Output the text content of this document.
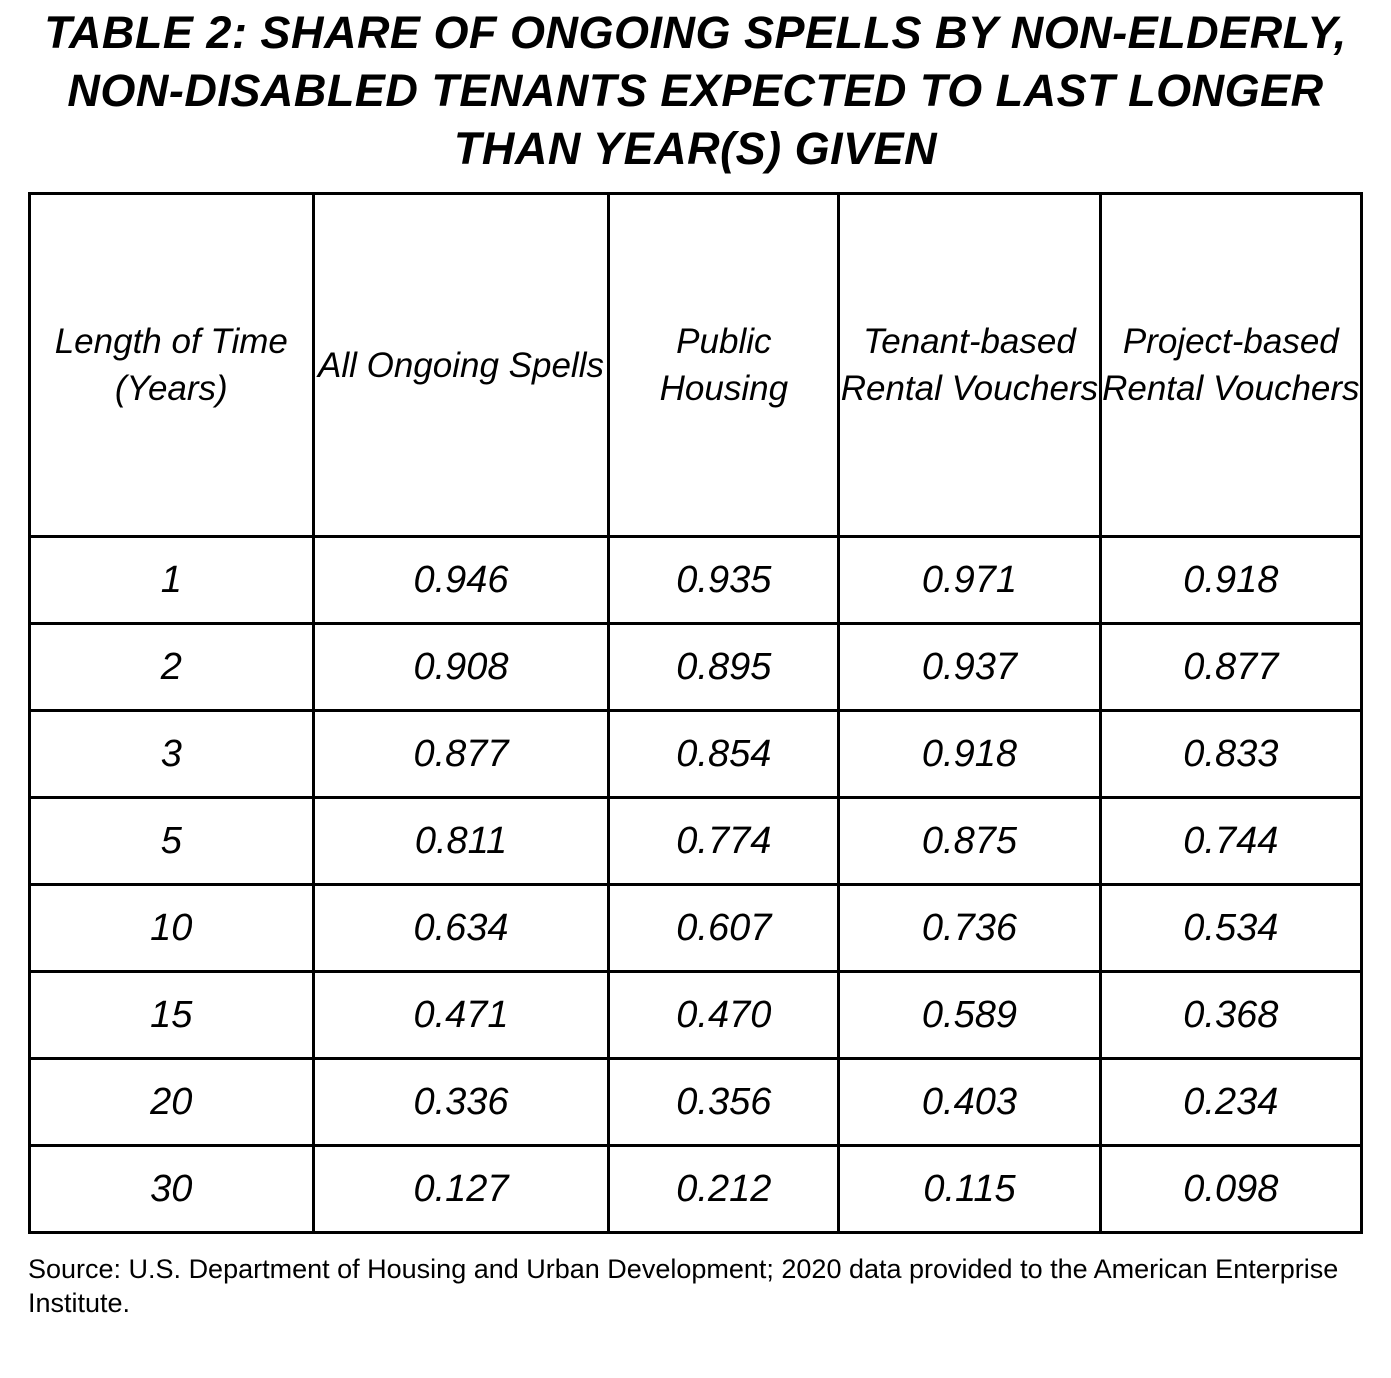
TABLE 2: SHARE OF ONGOING SPELLS BY NON-ELDERLY, NON-DISABLED TENANTS EXPECTED TO LAST LONGER THAN YEAR(S) GIVEN
Length of Time (Years)	All Ongoing Spells	Public Housing	Tenant-based Rental Vouchers	Project-based Rental Vouchers
1	0.946	0.935	0.971	0.918
2	0.908	0.895	0.937	0.877
3	0.877	0.854	0.918	0.833
5	0.811	0.774	0.875	0.744
10	0.634	0.607	0.736	0.534
15	0.471	0.470	0.589	0.368
20	0.336	0.356	0.403	0.234
30	0.127	0.212	0.115	0.098

Source: U.S. Department of Housing and Urban Development; 2020 data provided to the American Enterprise Institute.
